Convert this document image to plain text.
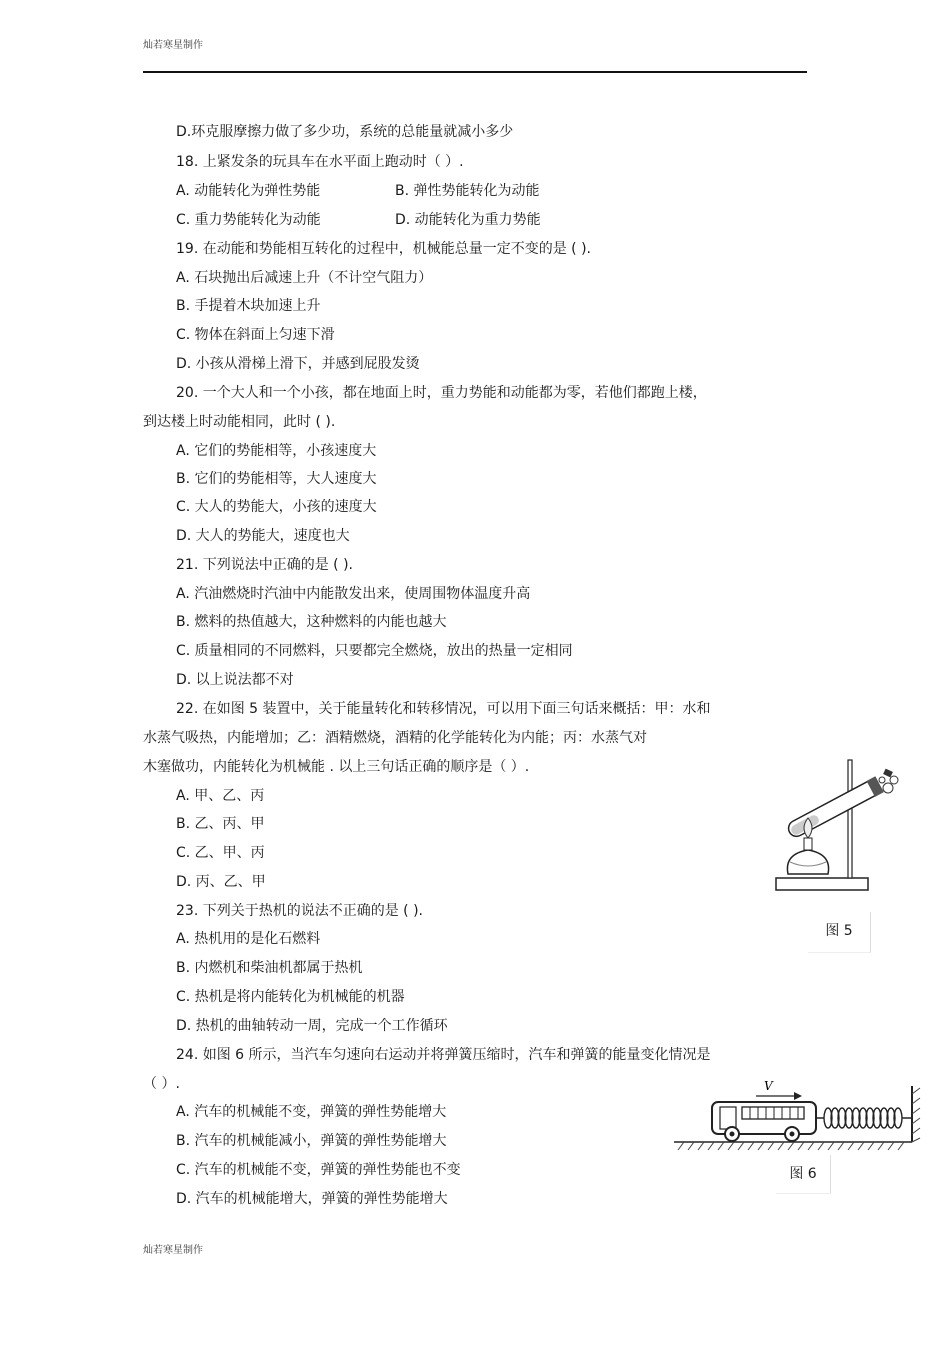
灿若寒星制作
D.环克服摩擦力做了多少功，系统的总能量就减小多少
18. 上紧发条的玩具车在水平面上跑动时（ ）.
A. 动能转化为弹性势能	B. 弹性势能转化为动能
C. 重力势能转化为动能	D. 动能转化为重力势能
19. 在动能和势能相互转化的过程中，机械能总量一定不变的是 ( ).
A. 石块抛出后减速上升（不计空气阻力）
B. 手提着木块加速上升
C. 物体在斜面上匀速下滑
D. 小孩从滑梯上滑下，并感到屁股发烫
20. 一个大人和一个小孩，都在地面上时，重力势能和动能都为零，若他们都跑上楼，
到达楼上时动能相同，此时 ( ).
A. 它们的势能相等，小孩速度大
B. 它们的势能相等，大人速度大
C. 大人的势能大，小孩的速度大
D. 大人的势能大，速度也大
21. 下列说法中正确的是 ( ).
A. 汽油燃烧时汽油中内能散发出来，使周围物体温度升高
B. 燃料的热值越大，这种燃料的内能也越大
C. 质量相同的不同燃料，只要都完全燃烧，放出的热量一定相同
D. 以上说法都不对
22. 在如图 5 装置中，关于能量转化和转移情况，可以用下面三句话来概括：甲：水和
水蒸气吸热，内能增加；乙：酒精燃烧，酒精的化学能转化为内能；丙：水蒸气对
木塞做功，内能转化为机械能 . 以上三句话正确的顺序是（ ）.
A. 甲、乙、丙
B. 乙、丙、甲
C. 乙、甲、丙
D. 丙、乙、甲
23. 下列关于热机的说法不正确的是 ( ).
A. 热机用的是化石燃料
B. 内燃机和柴油机都属于热机
C. 热机是将内能转化为机械能的机器
D. 热机的曲轴转动一周，完成一个工作循环
24. 如图 6 所示，当汽车匀速向右运动并将弹簧压缩时，汽车和弹簧的能量变化情况是
（ ）.
A. 汽车的机械能不变，弹簧的弹性势能增大
B. 汽车的机械能减小，弹簧的弹性势能增大
C. 汽车的机械能不变，弹簧的弹性势能也不变
D. 汽车的机械能增大，弹簧的弹性势能增大
图 5
V
图 6
灿若寒星制作
